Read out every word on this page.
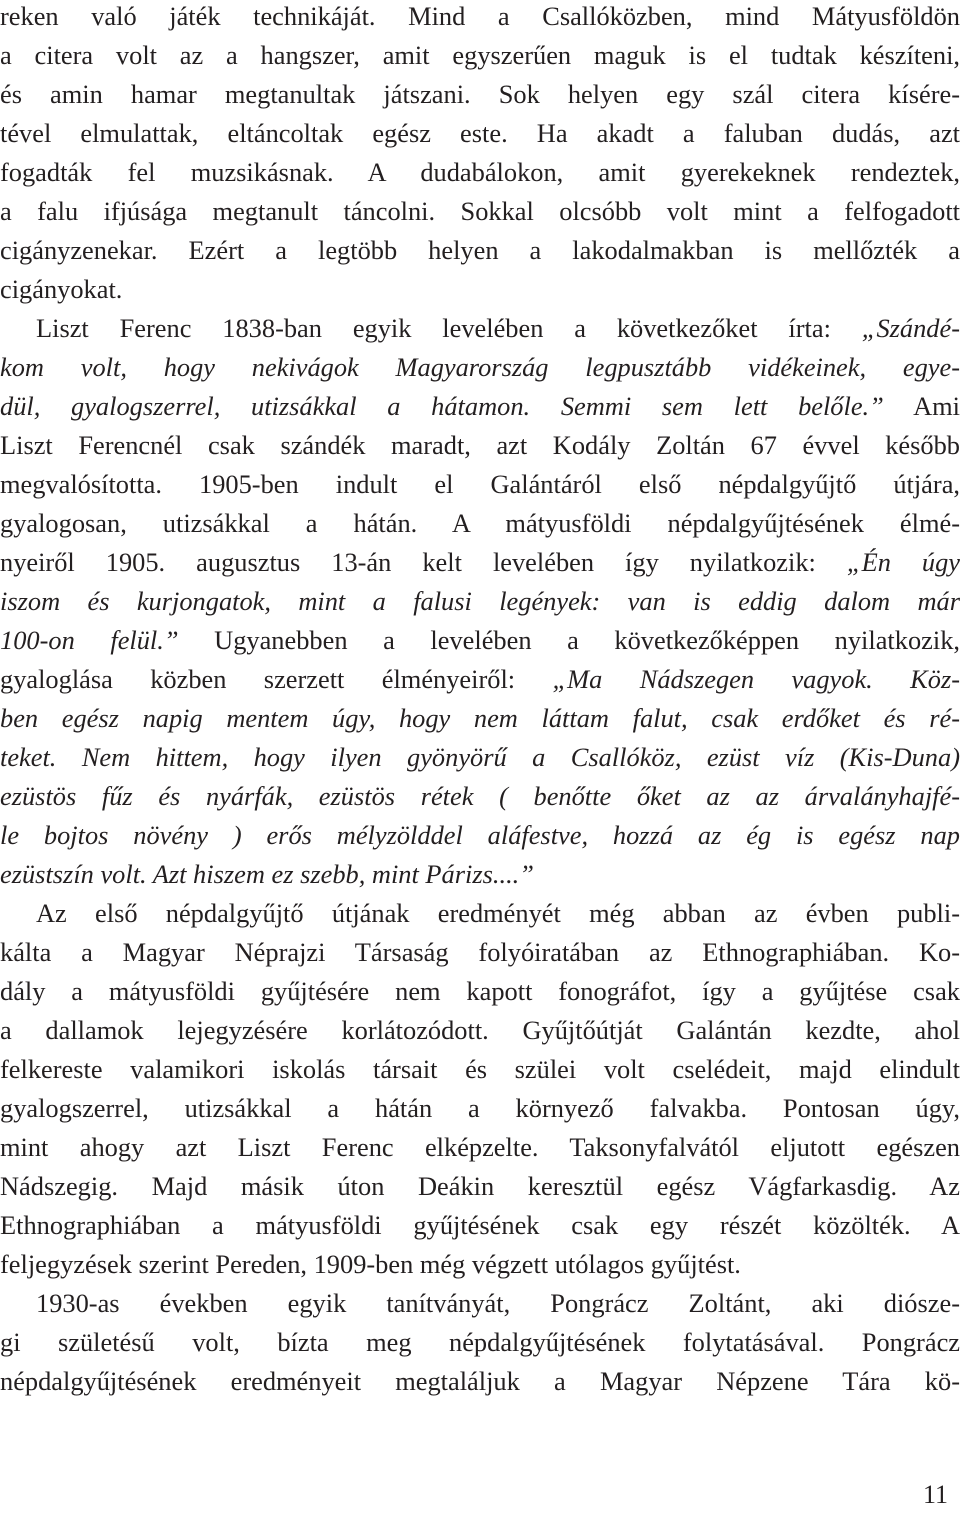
reken való játék technikáját. Mind a Csallóközben, mind Mátyusföldön
a citera volt az a hangszer, amit egyszerűen maguk is el tudtak készíteni,
és amin hamar megtanultak játszani. Sok helyen egy szál citera kísére-
tével elmulattak, eltáncoltak egész este. Ha akadt a faluban dudás, azt
fogadták fel muzsikásnak. A dudabálokon, amit gyerekeknek rendeztek,
a falu ifjúsága megtanult táncolni. Sokkal olcsóbb volt mint a felfogadott
cigányzenekar. Ezért a legtöbb helyen a lakodalmakban is mellőzték a
cigányokat.
Liszt Ferenc 1838-ban egyik levelében a következőket írta: „Szándé-
kom volt, hogy nekivágok Magyarország legpusztább vidékeinek, egye-
dül, gyalogszerrel, utizsákkal a hátamon. Semmi sem lett belőle.” Ami
Liszt Ferencnél csak szándék maradt, azt Kodály Zoltán 67 évvel később
megvalósította. 1905-ben indult el Galántáról első népdalgyűjtő útjára,
gyalogosan, utizsákkal a hátán. A mátyusföldi népdalgyűjtésének élmé-
nyeiről 1905. augusztus 13-án kelt levelében így nyilatkozik: „Én úgy
iszom és kurjongatok, mint a falusi legények: van is eddig dalom már
100-on felül.” Ugyanebben a levelében a következőképpen nyilatkozik,
gyaloglása közben szerzett élményeiről: „Ma Nádszegen vagyok. Köz-
ben egész napig mentem úgy, hogy nem láttam falut, csak erdőket és ré-
teket. Nem hittem, hogy ilyen gyönyörű a Csallóköz, ezüst víz (Kis-Duna)
ezüstös fűz és nyárfák, ezüstös rétek ( benőtte őket az az árvalányhajfé-
le bojtos növény ) erős mélyzölddel aláfestve, hozzá az ég is egész nap
ezüstszín volt. Azt hiszem ez szebb, mint Párizs....”
Az első népdalgyűjtő útjának eredményét még abban az évben publi-
kálta a Magyar Néprajzi Társaság folyóiratában az Ethnographiában. Ko-
dály a mátyusföldi gyűjtésére nem kapott fonográfot, így a gyűjtése csak
a dallamok lejegyzésére korlátozódott. Gyűjtőútját Galántán kezdte, ahol
felkereste valamikori iskolás társait és szülei volt cselédeit, majd elindult
gyalogszerrel, utizsákkal a hátán a környező falvakba. Pontosan úgy,
mint ahogy azt Liszt Ferenc elképzelte. Taksonyfalvától eljutott egészen
Nádszegig. Majd másik úton Deákin keresztül egész Vágfarkasdig. Az
Ethnographiában a mátyusföldi gyűjtésének csak egy részét közölték. A
feljegyzések szerint Pereden, 1909-ben még végzett utólagos gyűjtést.
1930-as években egyik tanítványát, Pongrácz Zoltánt, aki diósze-
gi születésű volt, bízta meg népdalgyűjtésének folytatásával. Pongrácz
népdalgyűjtésének eredményeit megtaláljuk a Magyar Népzene Tára kö-
11
